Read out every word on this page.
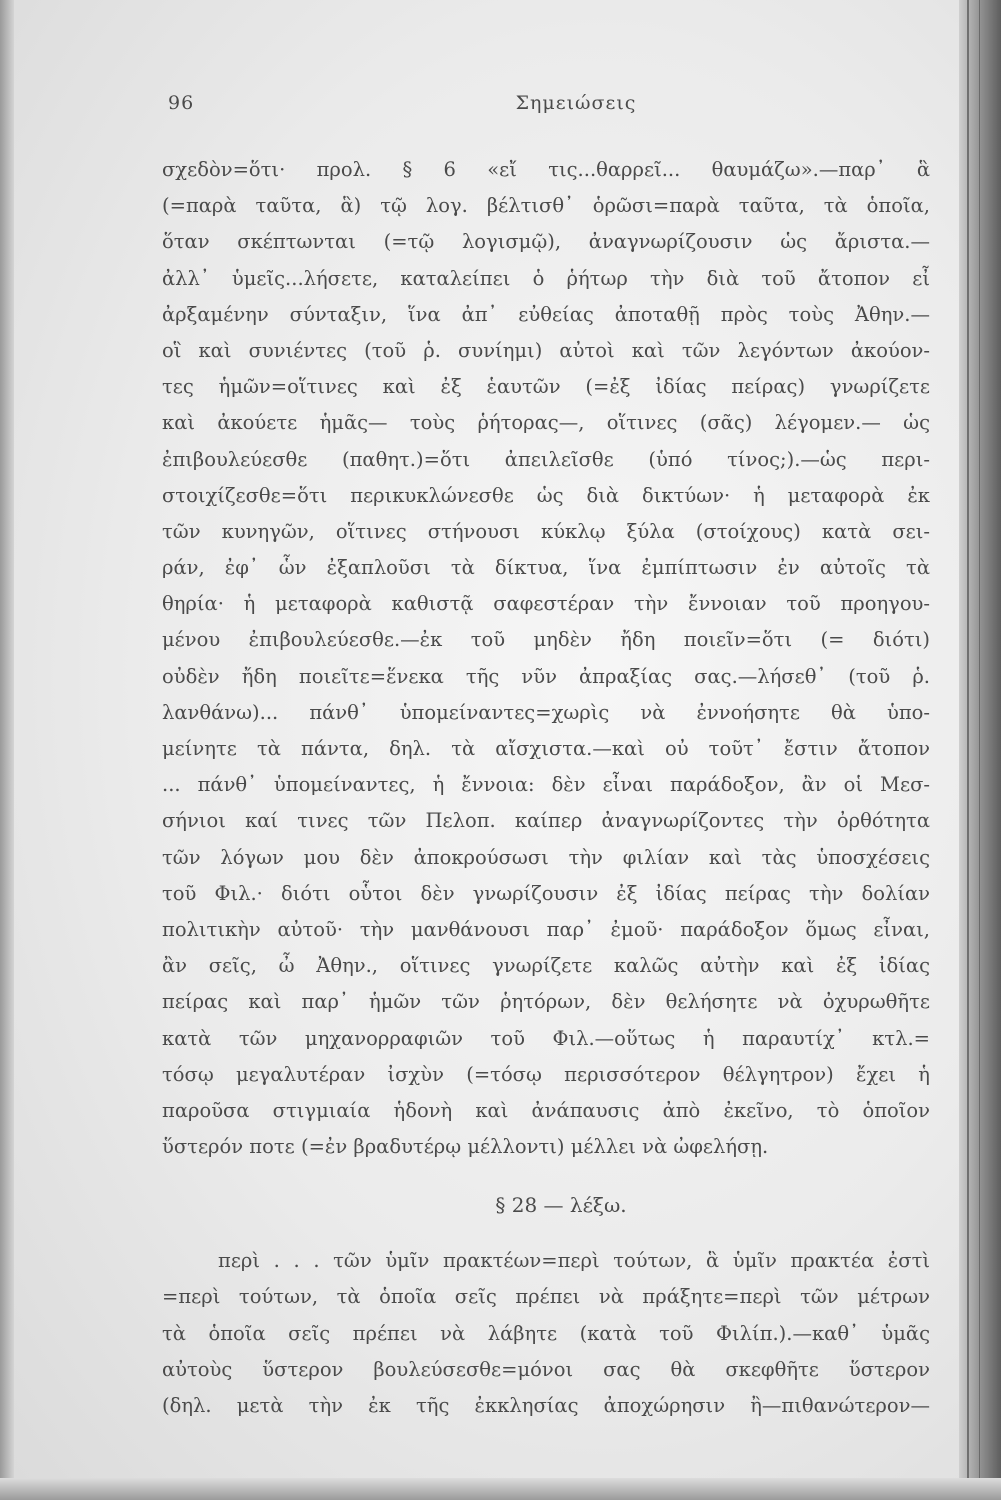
96	Σημειώσεις
σχεδὸν=ὅτι· προλ. § 6 «εἴ τις...θαρρεῖ... θαυμάζω».—παρ᾽ ἃ
(=παρὰ ταῦτα, ἃ) τῷ λογ. βέλτισθ᾽ ὁρῶσι=παρὰ ταῦτα, τὰ ὁποῖα,
ὅταν σκέπτωνται (=τῷ λογισμῷ), ἀναγνωρίζουσιν ὡς ἄριστα.—
ἀλλ᾽ ὑμεῖς...λήσετε, καταλείπει ὁ ῥήτωρ τὴν διὰ τοῦ ἄτοπον εἶ
ἀρξαμένην σύνταξιν, ἵνα ἀπ᾽ εὐθείας ἀποταθῇ πρὸς τοὺς Ἀθην.—
οἳ καὶ συνιέντες (τοῦ ῥ. συνίημι) αὐτοὶ καὶ τῶν λεγόντων ἀκούον-
τες ἡμῶν=οἵτινες καὶ ἐξ ἑαυτῶν (=ἐξ ἰδίας πείρας) γνωρίζετε
καὶ ἀκούετε ἡμᾶς— τοὺς ῥήτορας—, οἵτινες (σᾶς) λέγομεν.— ὡς
ἐπιβουλεύεσθε (παθητ.)=ὅτι ἀπειλεῖσθε (ὑπό τίνος;).—ὡς περι-
στοιχίζεσθε=ὅτι περικυκλώνεσθε ὡς διὰ δικτύων· ἡ μεταφορὰ ἐκ
τῶν κυνηγῶν, οἵτινες στήνουσι κύκλῳ ξύλα (στοίχους) κατὰ σει-
ράν, ἐφ᾽ ὧν ἐξαπλοῦσι τὰ δίκτυα, ἵνα ἐμπίπτωσιν ἐν αὐτοῖς τὰ
θηρία· ἡ μεταφορὰ καθιστᾷ σαφεστέραν τὴν ἔννοιαν τοῦ προηγου-
μένου ἐπιβουλεύεσθε.—ἐκ τοῦ μηδὲν ἤδη ποιεῖν=ὅτι (= διότι)
οὐδὲν ἤδη ποιεῖτε=ἕνεκα τῆς νῦν ἀπραξίας σας.—λήσεθ᾽ (τοῦ ῥ.
λανθάνω)... πάνθ᾽ ὑπομείναντες=χωρὶς νὰ ἐννοήσητε θὰ ὑπο-
μείνητε τὰ πάντα, δηλ. τὰ αἴσχιστα.—καὶ οὐ τοῦτ᾽ ἔστιν ἄτοπον
... πάνθ᾽ ὑπομείναντες, ἡ ἔννοια: δὲν εἶναι παράδοξον, ἂν οἱ Μεσ-
σήνιοι καί τινες τῶν Πελοπ. καίπερ ἀναγνωρίζοντες τὴν ὀρθότητα
τῶν λόγων μου δὲν ἀποκρούσωσι τὴν φιλίαν καὶ τὰς ὑποσχέσεις
τοῦ Φιλ.· διότι οὗτοι δὲν γνωρίζουσιν ἐξ ἰδίας πείρας τὴν δολίαν
πολιτικὴν αὐτοῦ· τὴν μανθάνουσι παρ᾽ ἐμοῦ· παράδοξον ὅμως εἶναι,
ἂν σεῖς, ὦ Ἀθην., οἵτινες γνωρίζετε καλῶς αὐτὴν καὶ ἐξ ἰδίας
πείρας καὶ παρ᾽ ἡμῶν τῶν ῥητόρων, δὲν θελήσητε νὰ ὀχυρωθῆτε
κατὰ τῶν μηχανορραφιῶν τοῦ Φιλ.—οὕτως ἡ παραυτίχ᾽ κτλ.=
τόσῳ μεγαλυτέραν ἰσχὺν (=τόσῳ περισσότερον θέλγητρον) ἔχει ἡ
παροῦσα στιγμιαία ἡδονὴ καὶ ἀνάπαυσις ἀπὸ ἐκεῖνο, τὸ ὁποῖον
ὕστερόν ποτε (=ἐν βραδυτέρῳ μέλλοντι) μέλλει νὰ ὠφελήσῃ.
§ 28 — λέξω.
περὶ . . . τῶν ὑμῖν πρακτέων=περὶ τούτων, ἃ ὑμῖν πρακτέα ἐστὶ
=περὶ τούτων, τὰ ὁποῖα σεῖς πρέπει νὰ πράξητε=περὶ τῶν μέτρων
τὰ ὁποῖα σεῖς πρέπει νὰ λάβητε (κατὰ τοῦ Φιλίπ.).—καθ᾽ ὑμᾶς
αὐτοὺς ὕστερον βουλεύσεσθε=μόνοι σας θὰ σκεφθῆτε ὕστερον
(δηλ. μετὰ τὴν ἐκ τῆς ἐκκλησίας ἀποχώρησιν ἢ—πιθανώτερον—
